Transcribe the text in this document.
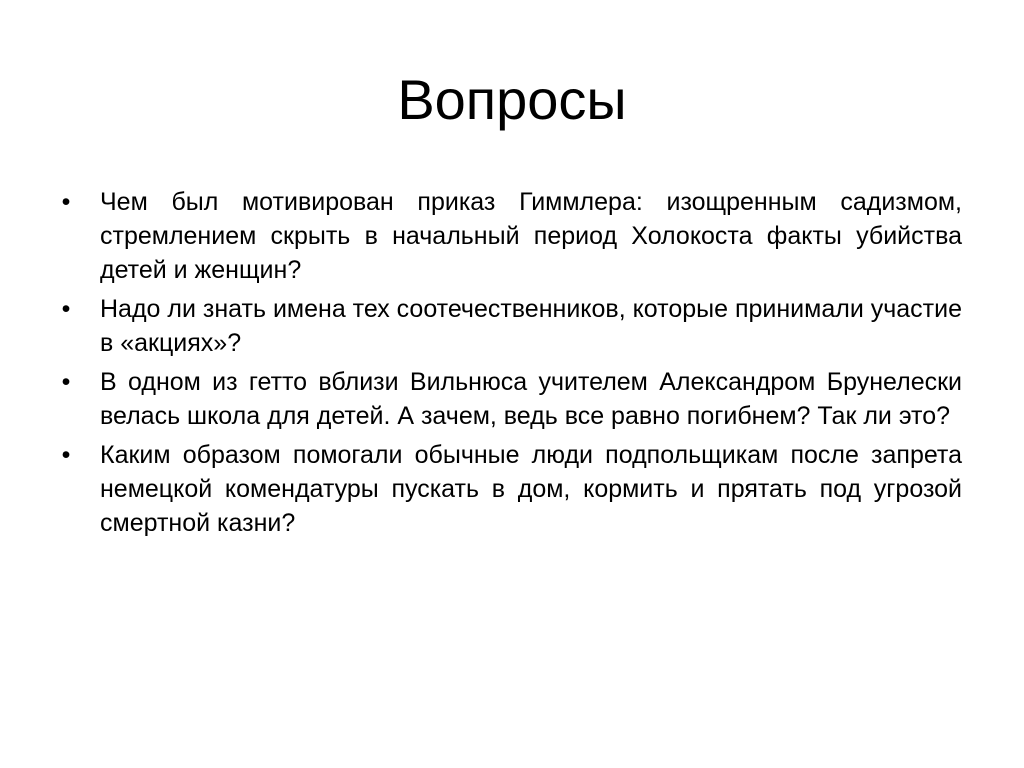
Вопросы
• Чем был мотивирован приказ Гиммлера: изощренным садизмом, стремлением скрыть в начальный период Холокоста факты убийства детей и женщин?
• Надо ли знать имена тех соотечественников, которые принимали участие в «акциях»?
• В одном из гетто вблизи Вильнюса учителем Александром Брунелески велась школа для детей. А зачем, ведь все равно погибнем? Так ли это?
• Каким образом помогали обычные люди подпольщикам после запрета немецкой комендатуры пускать в дом, кормить и прятать под угрозой смертной казни?
